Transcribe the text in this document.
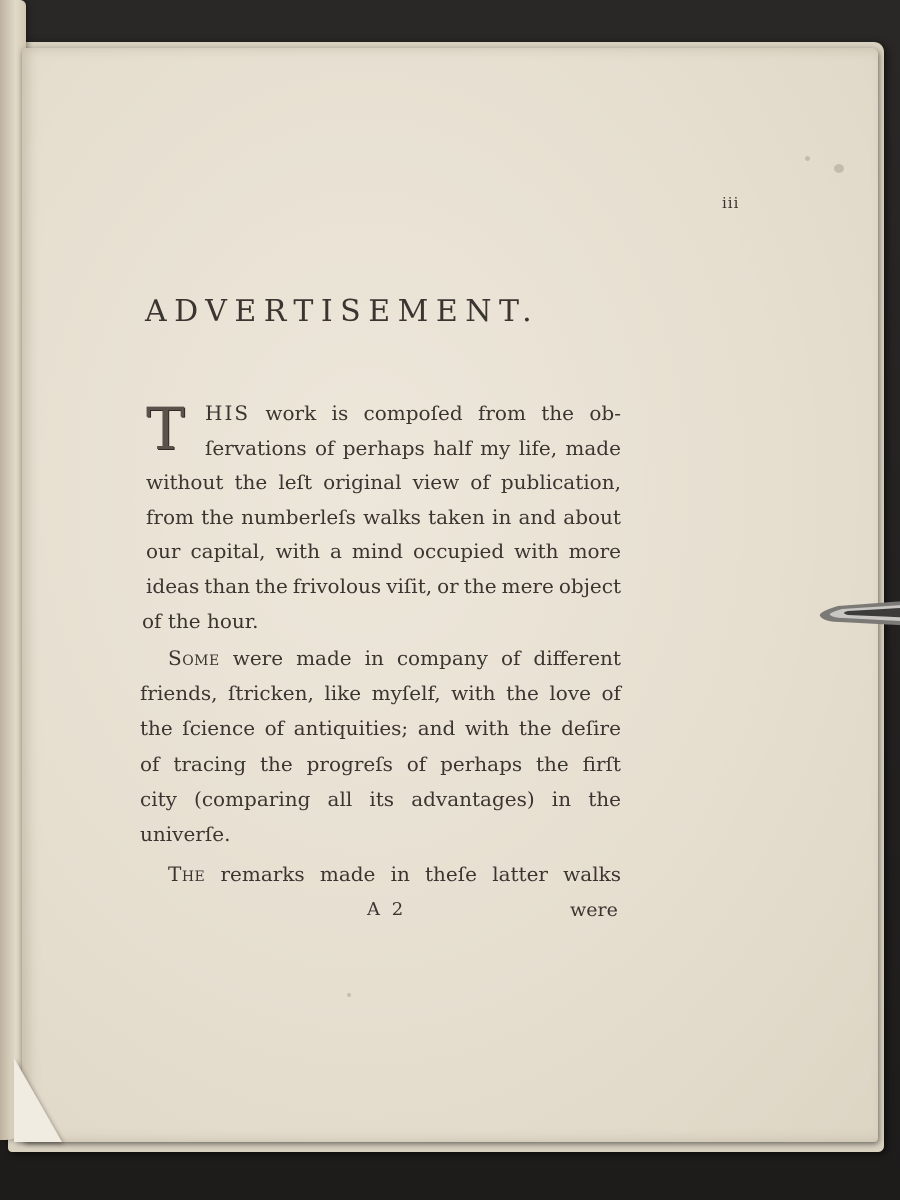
iii
ADVERTISEMENT.
T HIS work is compoſed from the ob-
ſervations of perhaps half my life, made
without the leſt original view of publication,
from the numberleſs walks taken in and about
our capital, with a mind occupied with more
ideas than the frivolous viſit, or the mere object
of the hour.
Some were made in company of different
friends, ſtricken, like myſelf, with the love of
the ſcience of antiquities; and with the deſire
of tracing the progreſs of perhaps the firſt
city (comparing all its advantages) in the
univerſe.
The remarks made in theſe latter walks
A 2	were
